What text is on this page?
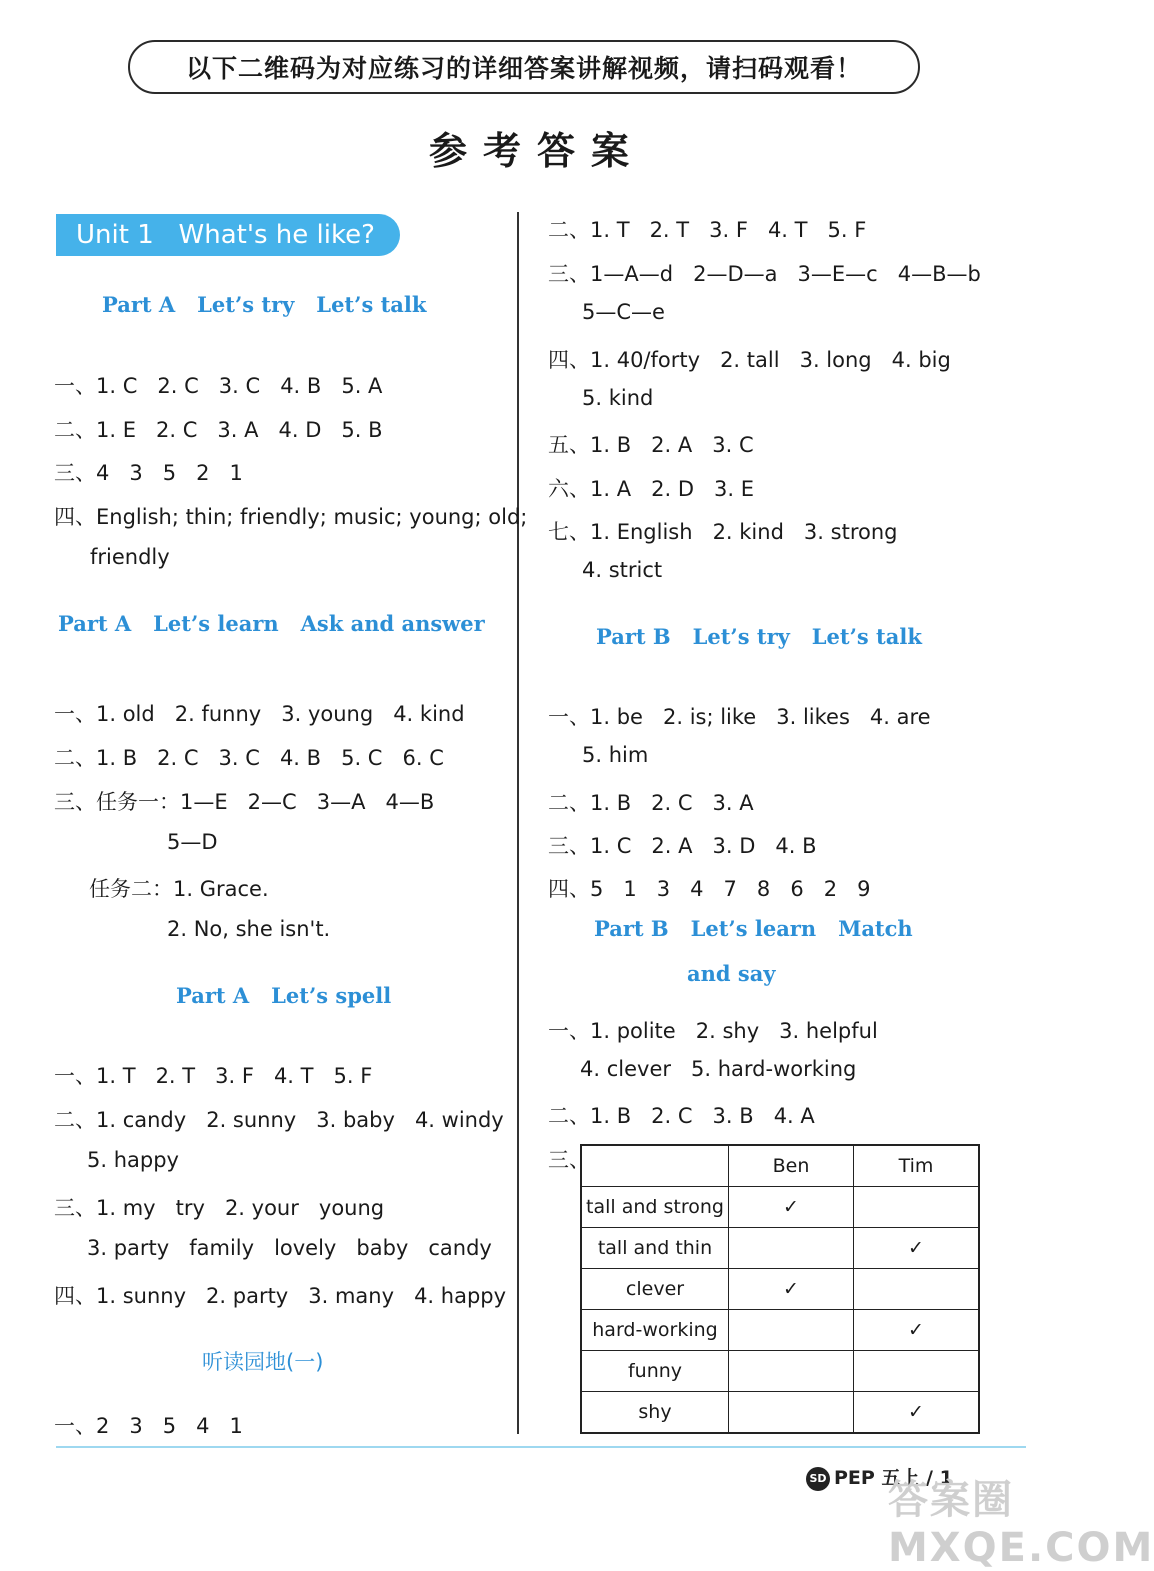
以下二维码为对应练习的详细答案讲解视频，请扫码观看！
参考答案
Unit 1   What's he like?
Part A   Let’s try   Let’s talk
一、1. C   2. C   3. C   4. B   5. A
二、1. E   2. C   3. A   4. D   5. B
三、4   3   5   2   1
四、English; thin; friendly; music; young; old;
friendly
Part A   Let’s learn   Ask and answer
一、1. old   2. funny   3. young   4. kind
二、1. B   2. C   3. C   4. B   5. C   6. C
三、任务一：1—E   2—C   3—A   4—B
5—D
任务二：1. Grace.
2. No, she isn't.
Part A   Let’s spell
一、1. T   2. T   3. F   4. T   5. F
二、1. candy   2. sunny   3. baby   4. windy
5. happy
三、1. my   try   2. your   young
3. party   family   lovely   baby   candy
四、1. sunny   2. party   3. many   4. happy
听读园地(一)
一、2   3   5   4   1
二、1. T   2. T   3. F   4. T   5. F
三、1—A—d   2—D—a   3—E—c   4—B—b
5—C—e
四、1. 40/forty   2. tall   3. long   4. big
5. kind
五、1. B   2. A   3. C
六、1. A   2. D   3. E
七、1. English   2. kind   3. strong
4. strict
Part B   Let’s try   Let’s talk
一、1. be   2. is; like   3. likes   4. are
5. him
二、1. B   2. C   3. A
三、1. C   2. A   3. D   4. B
四、5   1   3   4   7   8   6   2   9
Part B   Let’s learn   Match
and say
一、1. polite   2. shy   3. helpful
4. clever   5. hard-working
二、1. B   2. C   3. B   4. A
三、
		Ben	Tim
tall and strong	✓	
tall and thin		✓
clever	✓	
hard-working		✓
funny		
shy		✓
SD PEP 五上 / 1
答案圈 MXQE.COM
